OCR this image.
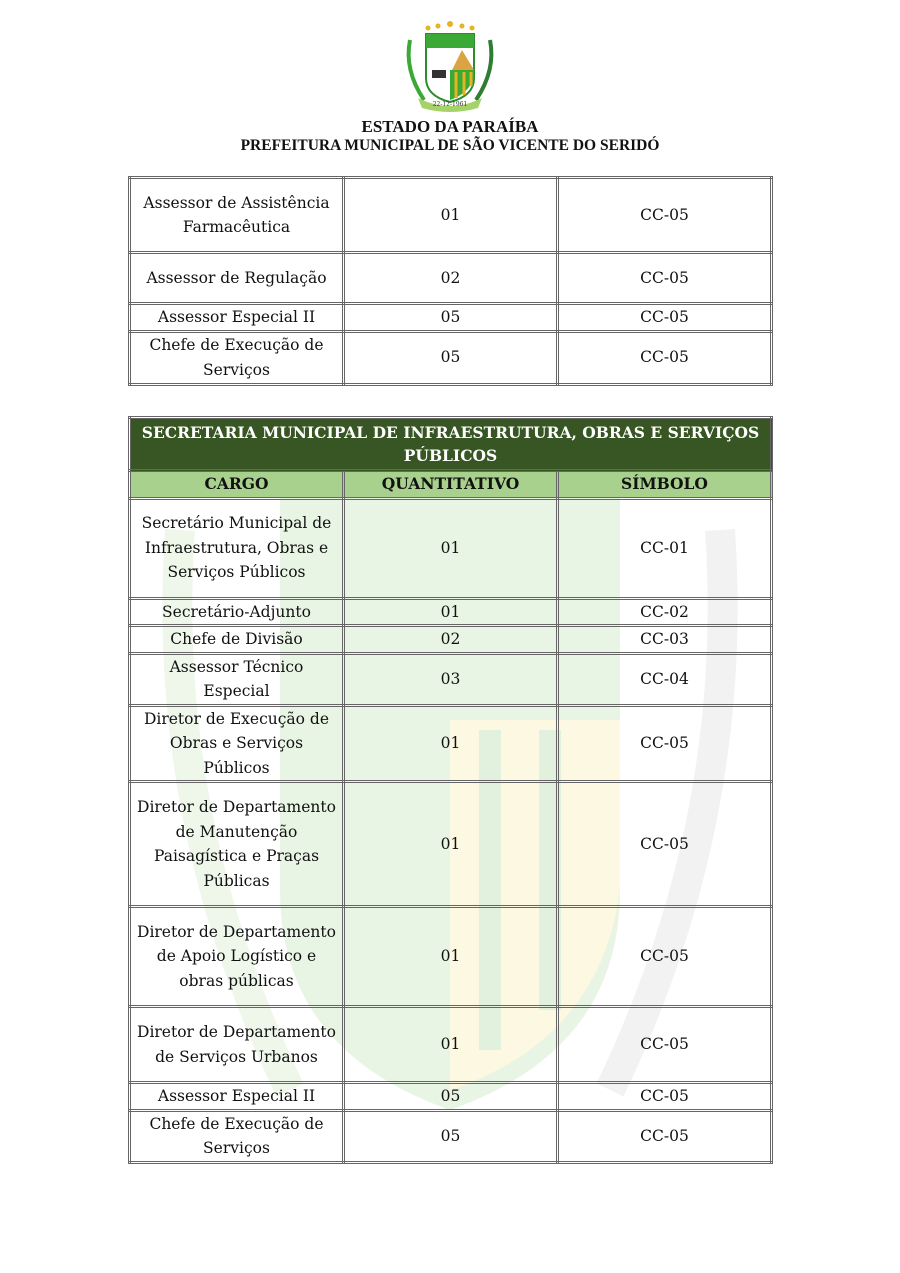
22-12-1961
ESTADO DA PARAÍBA
PREFEITURA MUNICIPAL DE SÃO VICENTE DO SERIDÓ
Assessor de Assistência Farmacêutica	01	CC-05
Assessor de Regulação	02	CC-05
Assessor Especial II	05	CC-05
Chefe de Execução de Serviços	05	CC-05
SECRETARIA MUNICIPAL DE INFRAESTRUTURA, OBRAS E SERVIÇOS PÚBLICOS		
CARGO	QUANTITATIVO	SÍMBOLO
Secretário Municipal de Infraestrutura, Obras e Serviços Públicos	01	CC-01
Secretário-Adjunto	01	CC-02
Chefe de Divisão	02	CC-03
Assessor Técnico Especial	03	CC-04
Diretor de Execução de Obras e Serviços Públicos	01	CC-05
Diretor de Departamento de Manutenção Paisagística e Praças Públicas	01	CC-05
Diretor de Departamento de Apoio Logístico e obras públicas	01	CC-05
Diretor de Departamento de Serviços Urbanos	01	CC-05
Assessor Especial II	05	CC-05
Chefe de Execução de Serviços	05	CC-05
